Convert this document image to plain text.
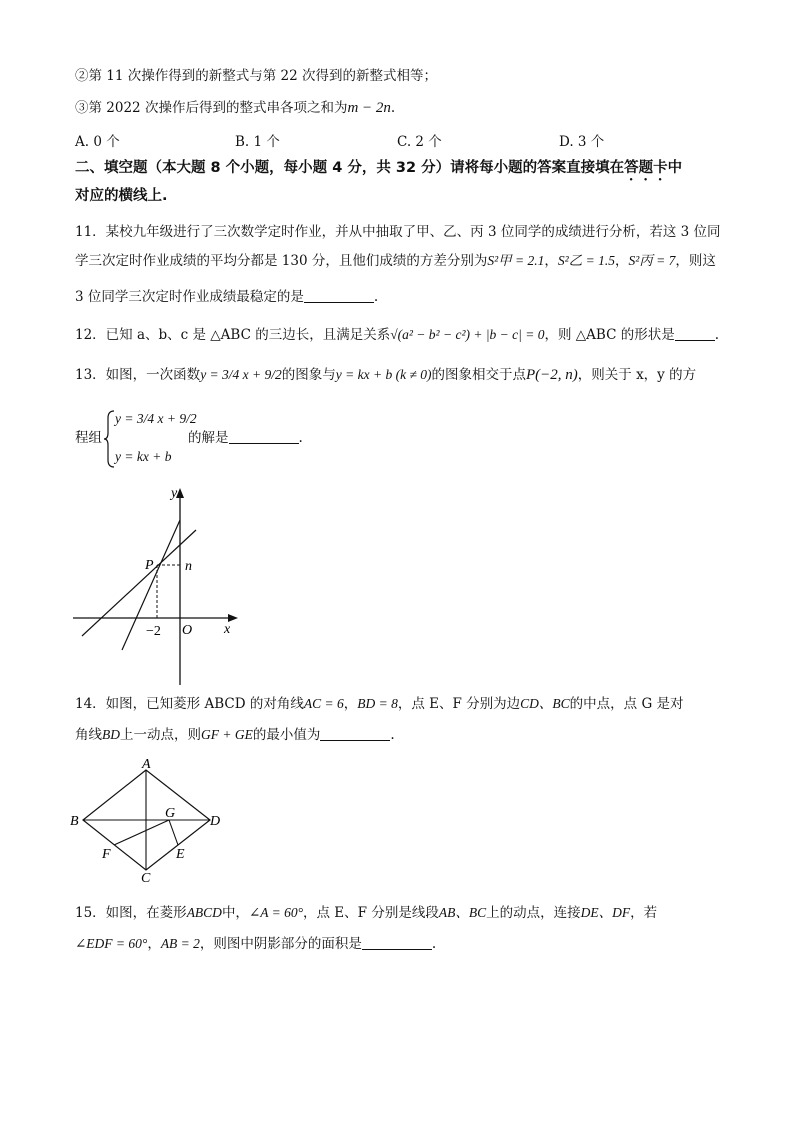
②第 11 次操作得到的新整式与第 22 次得到的新整式相等；
③第 2022 次操作后得到的整式串各项之和为m − 2n.
A. 0 个	B. 1 个	C. 2 个	D. 3 个
二、填空题（本大题 8 个小题，每小题 4 分，共 32 分）请将每小题的答案直接填在答题卡中
对应的横线上.
11．某校九年级进行了三次数学定时作业，并从中抽取了甲、乙、丙 3 位同学的成绩进行分析，若这 3 位同
学三次定时作业成绩的平均分都是 130 分，且他们成绩的方差分别为S²甲 = 2.1，S²乙 = 1.5，S²丙 = 7，则这
3 位同学三次定时作业成绩最稳定的是	.
12．已知 a、b、c 是 △ABC 的三边长，且满足关系√(a² − b² − c²) + |b − c| = 0，则 △ABC 的形状是	.
13．如图，一次函数y = 3/4 x + 9/2的图象与y = kx + b (k ≠ 0)的图象相交于点P(−2, n)，则关于 x，y 的方
程组
y = 3/4 x + 9/2
y = kx + b
的解是	.
y
x
O
P n
−2
14．如图，已知菱形 ABCD 的对角线AC = 6，BD = 8，点 E、F 分别为边CD、BC的中点，点 G 是对
角线BD上一动点，则GF + GE的最小值为	.
A
B
C
D
E
F
G
15．如图，在菱形ABCD中，∠A = 60°，点 E、F 分别是线段AB、BC上的动点，连接DE、DF，若
∠EDF = 60°，AB = 2，则图中阴影部分的面积是	.
